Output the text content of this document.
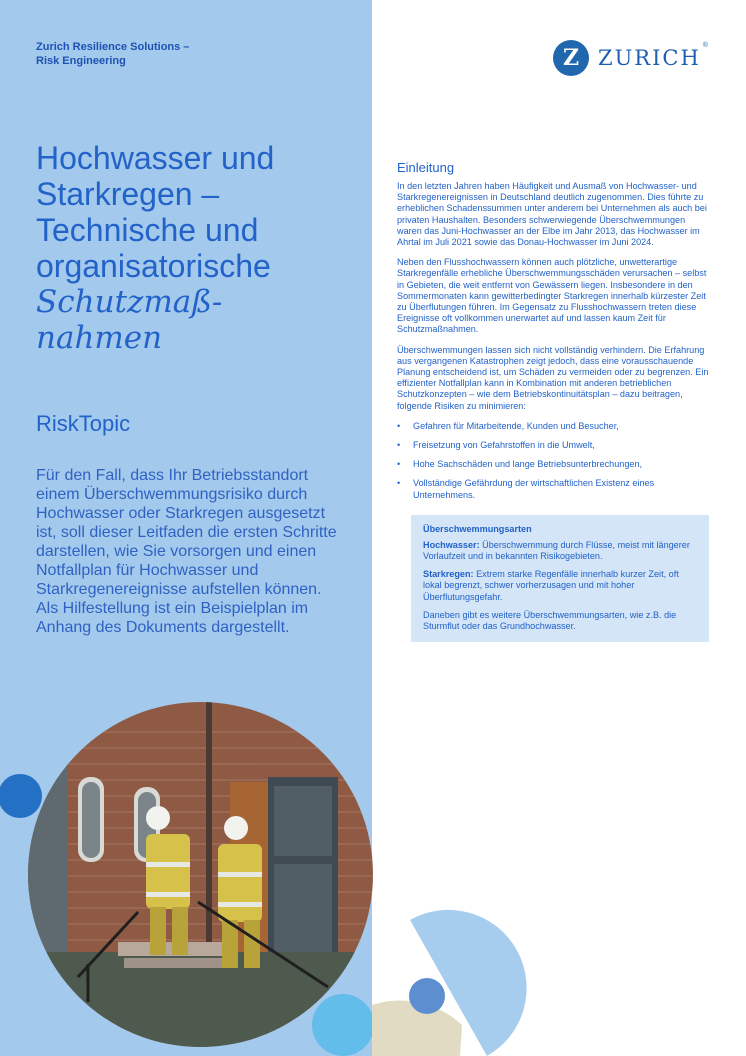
Zurich Resilience Solutions –
Risk Engineering
Hochwasser und
Starkregen –
Technische und
organisatorische
Schutzmaß-
nahmen
RiskTopic
Für den Fall, dass Ihr Betriebsstandort einem Überschwemmungsrisiko durch Hochwasser oder Starkregen ausgesetzt ist, soll dieser Leitfaden die ersten Schritte darstellen, wie Sie vorsorgen und einen Notfallplan für Hochwasser und Starkregenereignisse aufstellen können. Als Hilfestellung ist ein Beispielplan im Anhang des Dokuments dargestellt.
Z ZURICH
®
Einleitung

In den letzten Jahren haben Häufigkeit und Ausmaß von Hochwasser- und Starkregenereignissen in Deutschland deutlich zugenommen. Dies führte zu erheblichen Schadenssummen unter anderem bei Unternehmen als auch bei privaten Haushalten. Besonders schwerwiegende Überschwemmungen waren das Juni-Hochwasser an der Elbe im Jahr 2013, das Hochwasser im Ahrtal im Juli 2021 sowie das Donau-Hochwasser im Juni 2024.

Neben den Flusshochwassern können auch plötzliche, unwetterartige Starkregenfälle erhebliche Überschwemmungsschäden verursachen – selbst in Gebieten, die weit entfernt von Gewässern liegen. Insbesondere in den Sommermonaten kann gewitterbedingter Starkregen innerhalb kürzester Zeit zu Überflutungen führen. Im Gegensatz zu Flusshochwassern treten diese Ereignisse oft vollkommen unerwartet auf und lassen kaum Zeit für Schutzmaßnahmen.

Überschwemmungen lassen sich nicht vollständig verhindern. Die Erfahrung aus vergangenen Katastrophen zeigt jedoch, dass eine vorausschauende Planung entscheidend ist, um Schäden zu vermeiden oder zu begrenzen. Ein effizienter Notfallplan kann in Kombination mit anderen betrieblichen Schutzkonzepten – wie dem Betriebskontinuitätsplan – dazu beitragen, folgende Risiken zu minimieren:

• Gefahren für Mitarbeitende, Kunden und Besucher,
• Freisetzung von Gefahrstoffen in die Umwelt,
• Hohe Sachschäden und lange Betriebsunterbrechungen,
• Vollständige Gefährdung der wirtschaftlichen Existenz eines Unternehmens.
Überschwemmungsarten

Hochwasser: Überschwemmung durch Flüsse, meist mit längerer Vorlaufzeit und in bekannten Risikogebieten.

Starkregen: Extrem starke Regenfälle innerhalb kurzer Zeit, oft lokal begrenzt, schwer vorherzusagen und mit hoher Überflutungsgefahr.

Daneben gibt es weitere Überschwemmungsarten, wie z.B. die Sturmflut oder das Grundhochwasser.
